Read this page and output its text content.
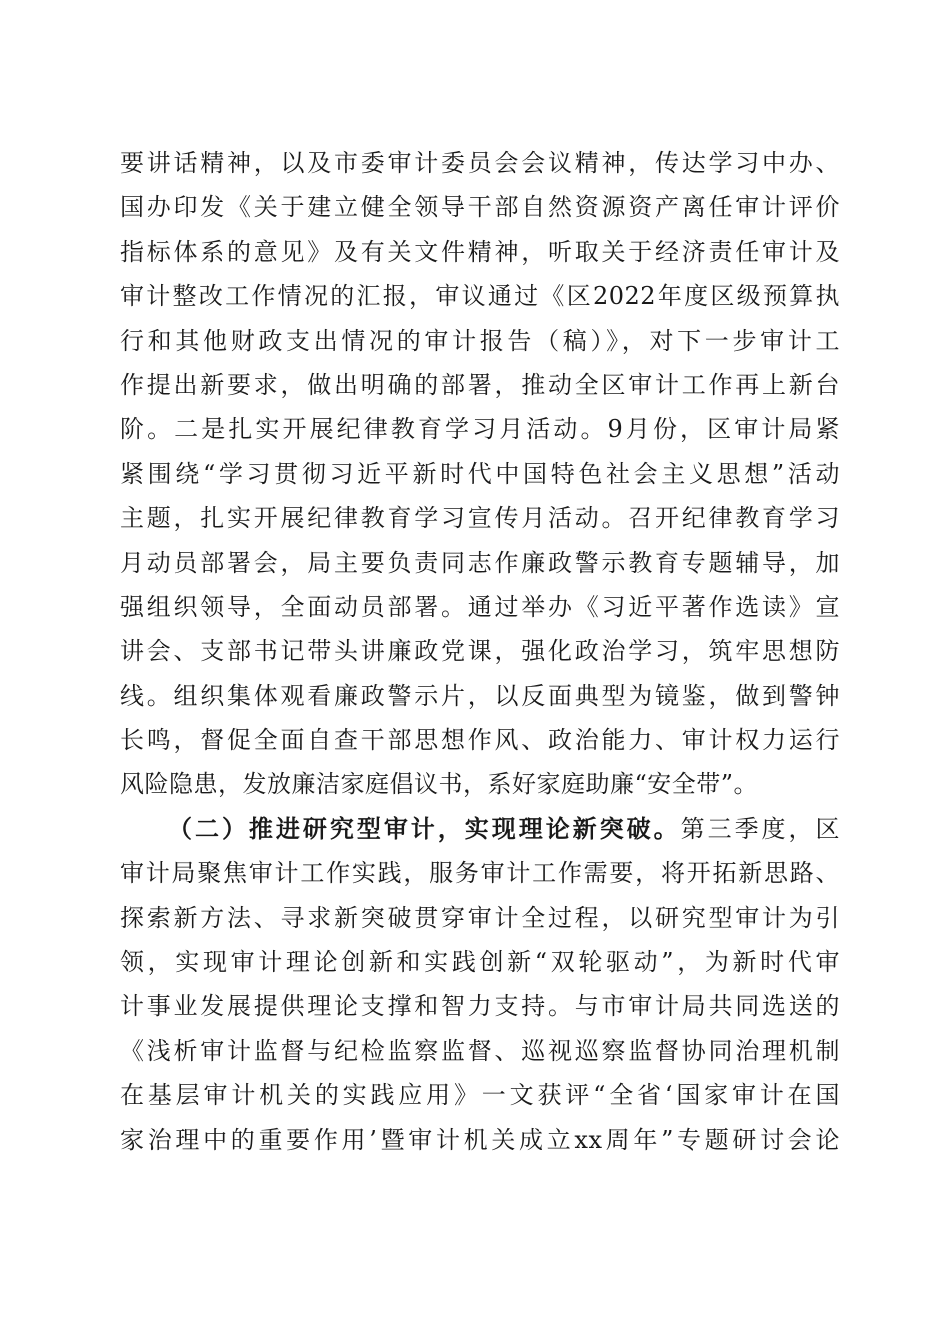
要讲话精神，以及市委审计委员会会议精神，传达学习中办、
国办印发《关于建立健全领导干部自然资源资产离任审计评价
指标体系的意见》及有关文件精神，听取关于经济责任审计及
审计整改工作情况的汇报，审议通过《区2022年度区级预算执
行和其他财政支出情况的审计报告（稿）》，对下一步审计工
作提出新要求，做出明确的部署，推动全区审计工作再上新台
阶。二是扎实开展纪律教育学习月活动。9月份，区审计局紧
紧围绕“学习贯彻习近平新时代中国特色社会主义思想”活动
主题，扎实开展纪律教育学习宣传月活动。召开纪律教育学习
月动员部署会，局主要负责同志作廉政警示教育专题辅导，加
强组织领导，全面动员部署。通过举办《习近平著作选读》宣
讲会、支部书记带头讲廉政党课，强化政治学习，筑牢思想防
线。组织集体观看廉政警示片，以反面典型为镜鉴，做到警钟
长鸣，督促全面自查干部思想作风、政治能力、审计权力运行
风险隐患，发放廉洁家庭倡议书，系好家庭助廉“安全带”。
（二）推进研究型审计，实现理论新突破。第三季度，区
审计局聚焦审计工作实践，服务审计工作需要，将开拓新思路、
探索新方法、寻求新突破贯穿审计全过程，以研究型审计为引
领，实现审计理论创新和实践创新“双轮驱动”，为新时代审
计事业发展提供理论支撑和智力支持。与市审计局共同选送的
《浅析审计监督与纪检监察监督、巡视巡察监督协同治理机制
在基层审计机关的实践应用》一文获评“全省‘国家审计在国
家治理中的重要作用’暨审计机关成立xx周年”专题研讨会论
